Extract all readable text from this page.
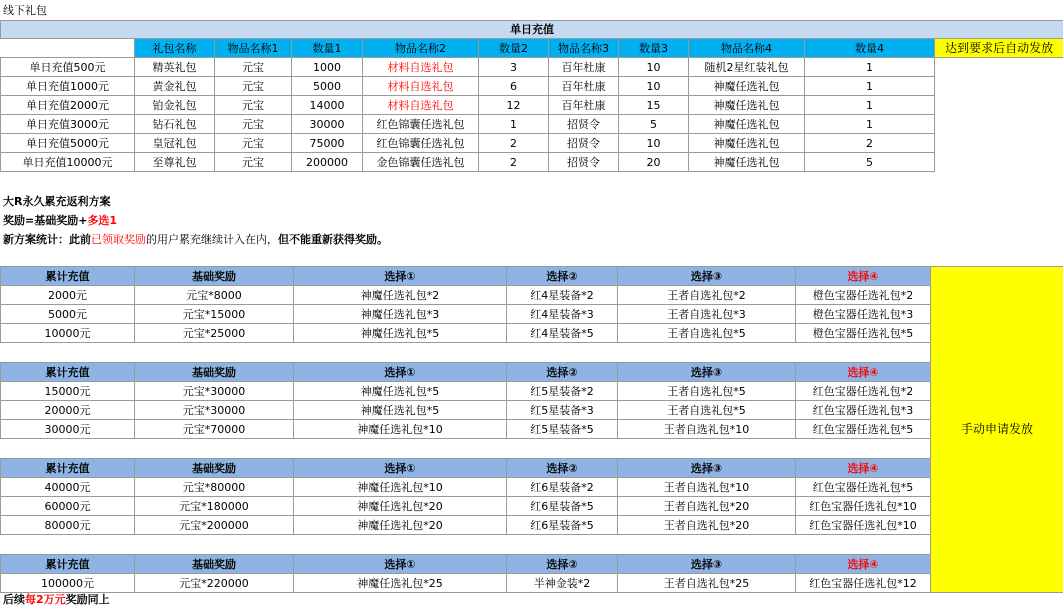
线下礼包
单日充值										
	礼包名称	物品名称1	数量1	物品名称2	数量2	物品名称3	数量3	物品名称4	数量4	达到要求后自动发放
单日充值500元	精英礼包	元宝	1000	材料自选礼包	3	百年杜康	10	随机2星红装礼包	1	
单日充值1000元	黄金礼包	元宝	5000	材料自选礼包	6	百年杜康	10	神魔任选礼包	1	
单日充值2000元	铂金礼包	元宝	14000	材料自选礼包	12	百年杜康	15	神魔任选礼包	1	
单日充值3000元	钻石礼包	元宝	30000	红色锦囊任选礼包	1	招贤令	5	神魔任选礼包	1	
单日充值5000元	皇冠礼包	元宝	75000	红色锦囊任选礼包	2	招贤令	10	神魔任选礼包	2	
单日充值10000元	至尊礼包	元宝	200000	金色锦囊任选礼包	2	招贤令	20	神魔任选礼包	5	
大R永久累充返利方案
奖励=基础奖励+多选1
新方案统计：此前已领取奖励的用户累充继续计入在内，但不能重新获得奖励。
累计充值	基础奖励	选择①	选择②	选择③	选择④	手动申请发放
2000元	元宝*8000	神魔任选礼包*2	红4星装备*2	王者自选礼包*2	橙色宝器任选礼包*2	
5000元	元宝*15000	神魔任选礼包*3	红4星装备*3	王者自选礼包*3	橙色宝器任选礼包*3	
10000元	元宝*25000	神魔任选礼包*5	红4星装备*5	王者自选礼包*5	橙色宝器任选礼包*5	

累计充值	基础奖励	选择①	选择②	选择③	选择④	
15000元	元宝*30000	神魔任选礼包*5	红5星装备*2	王者自选礼包*5	红色宝器任选礼包*2	
20000元	元宝*30000	神魔任选礼包*5	红5星装备*3	王者自选礼包*5	红色宝器任选礼包*3	
30000元	元宝*70000	神魔任选礼包*10	红5星装备*5	王者自选礼包*10	红色宝器任选礼包*5	

累计充值	基础奖励	选择①	选择②	选择③	选择④	
40000元	元宝*80000	神魔任选礼包*10	红6星装备*2	王者自选礼包*10	红色宝器任选礼包*5	
60000元	元宝*180000	神魔任选礼包*20	红6星装备*5	王者自选礼包*20	红色宝器任选礼包*10	
80000元	元宝*200000	神魔任选礼包*20	红6星装备*5	王者自选礼包*20	红色宝器任选礼包*10	

累计充值	基础奖励	选择①	选择②	选择③	选择④	
100000元	元宝*220000	神魔任选礼包*25	半神金装*2	王者自选礼包*25	红色宝器任选礼包*12	
后续每2万元奖励同上
